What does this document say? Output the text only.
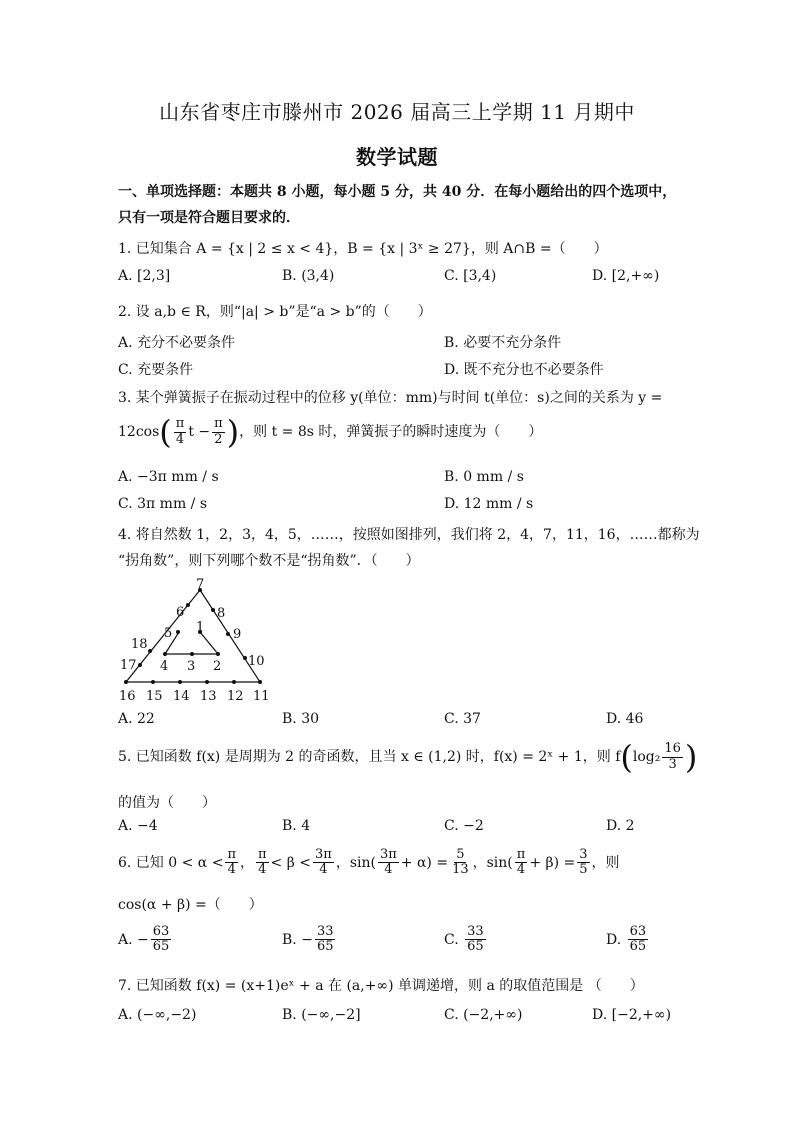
山东省枣庄市滕州市 2026 届高三上学期 11 月期中
数学试题
一、单项选择题：本题共 8 小题，每小题 5 分，共 40 分．在每小题给出的四个选项中，
只有一项是符合题目要求的．
1. 已知集合 A = {x | 2 ≤ x < 4}，B = {x | 3ˣ ≥ 27}，则 A∩B =（　　）
A. [2,3]	B. (3,4)	C. [3,4)	D. [2,+∞)
2. 设 a,b ∈ R，则“|a| > b”是“a > b”的（　　）
A. 充分不必要条件	B. 必要不充分条件
C. 充要条件	D. 既不充分也不必要条件
3. 某个弹簧振子在振动过程中的位移 y(单位：mm)与时间 t(单位：s)之间的关系为 y =
$12\cos( \frac{\pi}{4}$ $t - \frac{\pi}{2}$ )，则 t = 8s 时，弹簧振子的瞬时速度为（　　）
A. −3π mm / s	B. 0 mm / s
C. 3π mm / s	D. 12 mm / s
4. 将自然数 1，2，3，4，5，……，按照如图排列，我们将 2，4，7，11，16，……都称为
“拐角数”，则下列哪个数不是“拐角数”．（　　）
7
6	8
5 1 9
18
17 4 3 2 10
16 15 14 13 12 11
A. 22	B. 30	C. 37	D. 46
5. 已知函数 f(x) 是周期为 2 的奇函数，且当 x ∈ (1,2) 时，f(x) = 2ˣ + 1，则 $f(\log_2 \frac{16}{3}$ )
的值为（　　）
A. −4	B. 4	C. −2	D. 2
6. 已知 $0 < \alpha < \frac{\pi}{4}$ ， $\frac{\pi}{4} < \beta < \frac{3\pi}{4}$ ，$\sin( \frac{3\pi}{4} + \alpha) = \frac{5}{13}$ ，$\sin( \frac{\pi}{4} + \beta) = \frac{3}{5}$ ，则
cos(α + β) =（　　）
A. − $\frac{63}{65}$	B. − $\frac{33}{65}$	C. $\frac{33}{65}$	D. $\frac{63}{65}$
7. 已知函数 f(x) = (x+1)eˣ + a 在 (a,+∞) 单调递增，则 a 的取值范围是 （　　）
A. (−∞,−2)	B. (−∞,−2]	C. (−2,+∞)	D. [−2,+∞)
